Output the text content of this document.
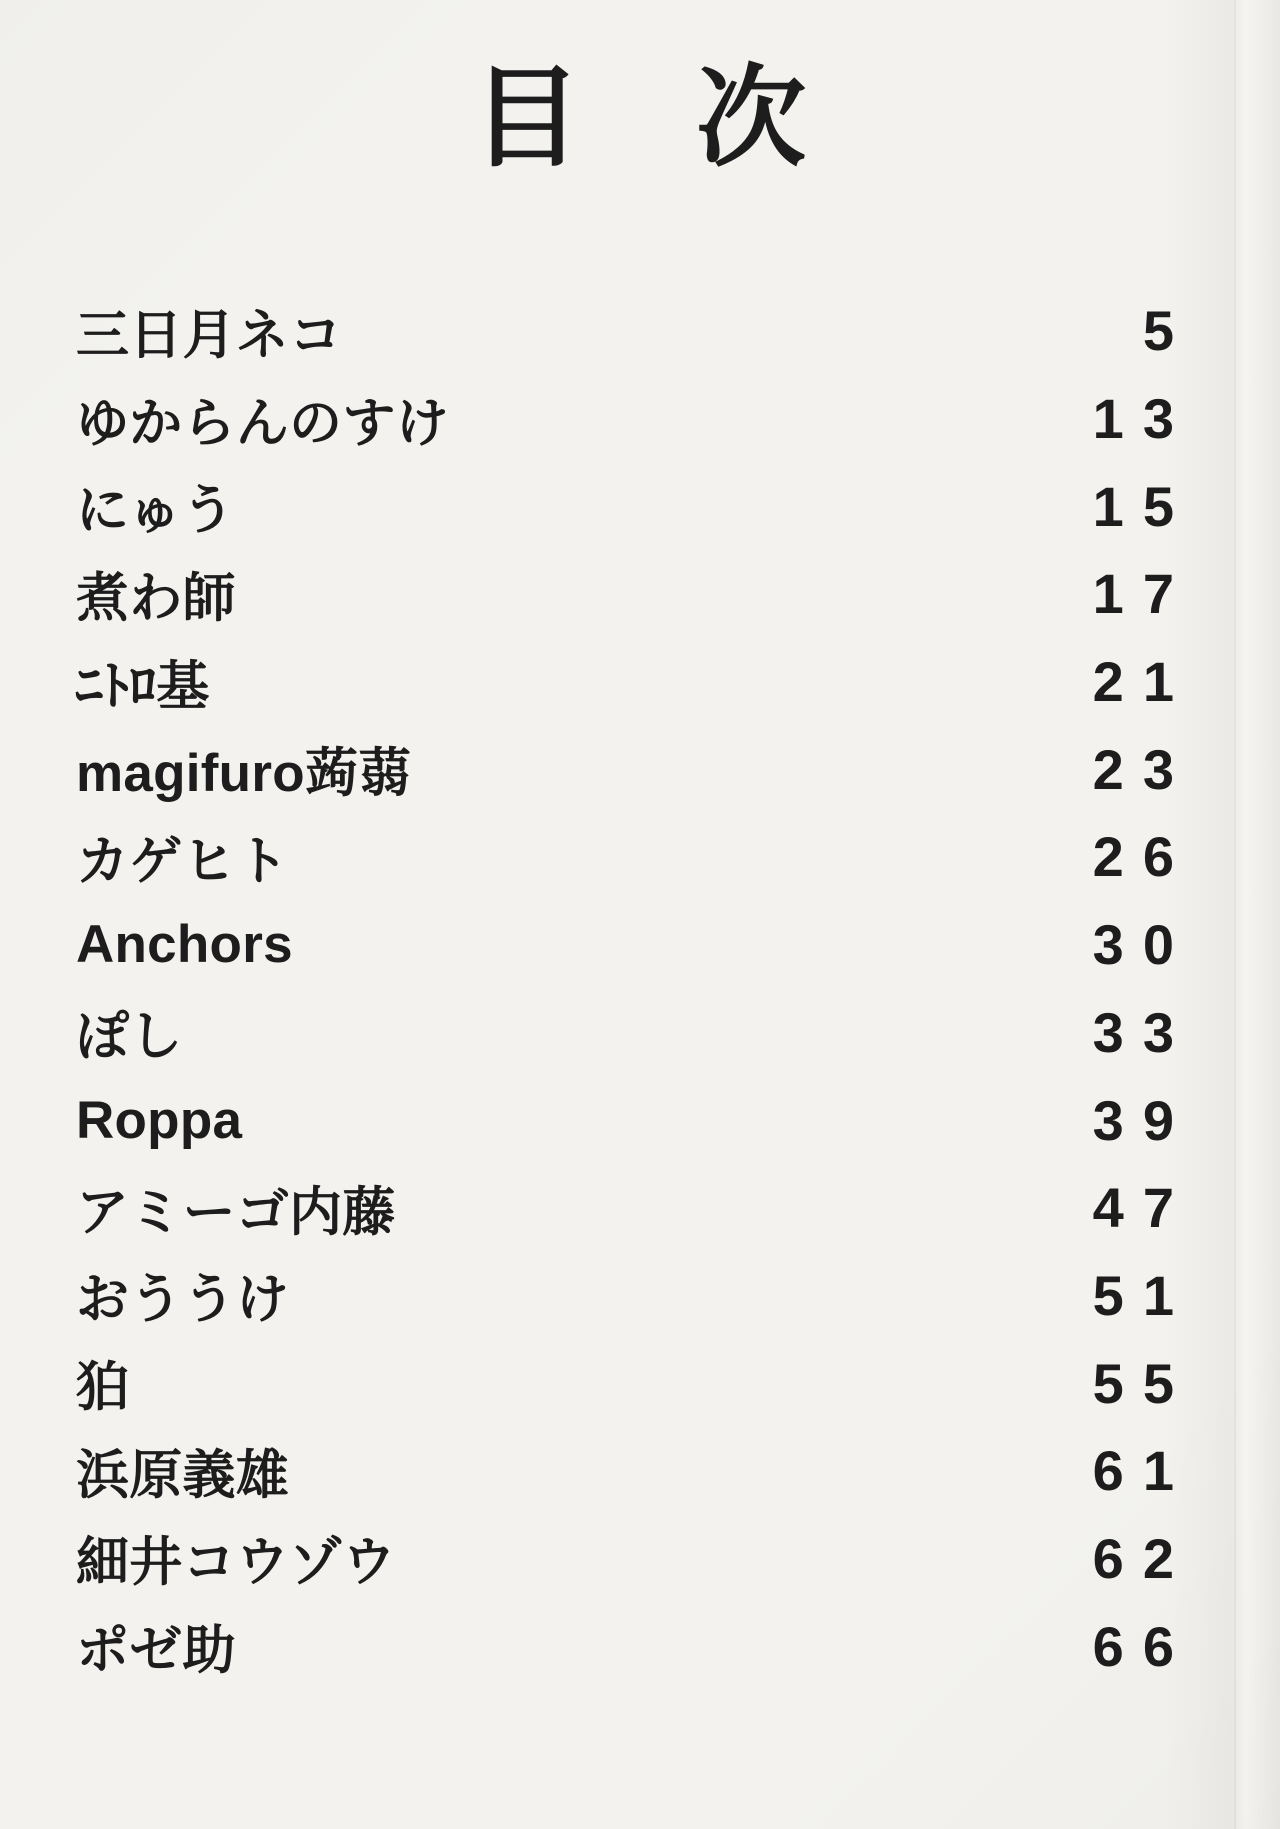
目　次
三日月ネコ	5
ゆからんのすけ	13
にゅう	15
煮わ師	17
ﾆﾄﾛ基	21
magifuro蒟蒻	23
カゲヒト	26
Anchors	30
ぽし	33
Roppa	39
アミーゴ内藤	47
おううけ	51
狛	55
浜原義雄	61
細井コウゾウ	62
ポゼ助	66
